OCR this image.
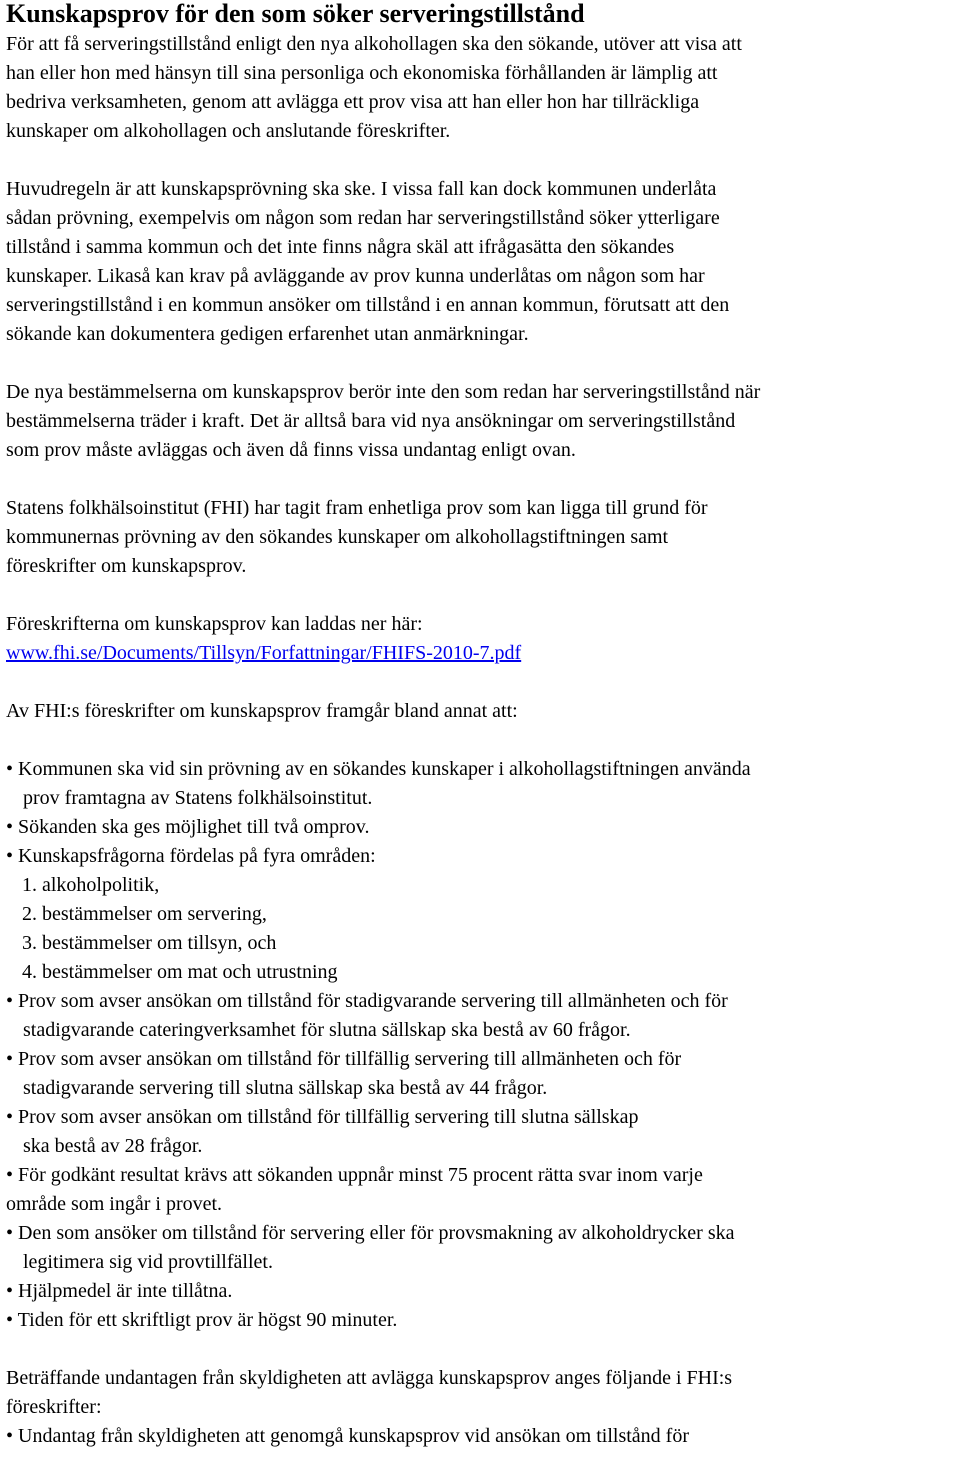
Kunskapsprov för den som söker serveringstillstånd

För att få serveringstillstånd enligt den nya alkohollagen ska den sökande, utöver att visa att

han eller hon med hänsyn till sina personliga och ekonomiska förhållanden är lämplig att

bedriva verksamheten, genom att avlägga ett prov visa att han eller hon har tillräckliga

kunskaper om alkohollagen och anslutande föreskrifter.

Huvudregeln är att kunskapsprövning ska ske. I vissa fall kan dock kommunen underlåta

sådan prövning, exempelvis om någon som redan har serveringstillstånd söker ytterligare

tillstånd i samma kommun och det inte finns några skäl att ifrågasätta den sökandes

kunskaper. Likaså kan krav på avläggande av prov kunna underlåtas om någon som har

serveringstillstånd i en kommun ansöker om tillstånd i en annan kommun, förutsatt att den

sökande kan dokumentera gedigen erfarenhet utan anmärkningar.

De nya bestämmelserna om kunskapsprov berör inte den som redan har serveringstillstånd när

bestämmelserna träder i kraft. Det är alltså bara vid nya ansökningar om serveringstillstånd

som prov måste avläggas och även då finns vissa undantag enligt ovan.

Statens folkhälsoinstitut (FHI) har tagit fram enhetliga prov som kan ligga till grund för

kommunernas prövning av den sökandes kunskaper om alkohollagstiftningen samt

föreskrifter om kunskapsprov.

Föreskrifterna om kunskapsprov kan laddas ner här:

www.fhi.se/Documents/Tillsyn/Forfattningar/FHIFS-2010-7.pdf

Av FHI:s föreskrifter om kunskapsprov framgår bland annat att:

• Kommunen ska vid sin prövning av en sökandes kunskaper i alkohollagstiftningen använda

prov framtagna av Statens folkhälsoinstitut.

• Sökanden ska ges möjlighet till två omprov.

• Kunskapsfrågorna fördelas på fyra områden:

1. alkoholpolitik,

2. bestämmelser om servering,

3. bestämmelser om tillsyn, och

4. bestämmelser om mat och utrustning

• Prov som avser ansökan om tillstånd för stadigvarande servering till allmänheten och för

stadigvarande cateringverksamhet för slutna sällskap ska bestå av 60 frågor.

• Prov som avser ansökan om tillstånd för tillfällig servering till allmänheten och för

stadigvarande servering till slutna sällskap ska bestå av 44 frågor.

• Prov som avser ansökan om tillstånd för tillfällig servering till slutna sällskap

ska bestå av 28 frågor.

• För godkänt resultat krävs att sökanden uppnår minst 75 procent rätta svar inom varje

område som ingår i provet.

• Den som ansöker om tillstånd för servering eller för provsmakning av alkoholdrycker ska

legitimera sig vid provtillfället.

• Hjälpmedel är inte tillåtna.

• Tiden för ett skriftligt prov är högst 90 minuter.

Beträffande undantagen från skyldigheten att avlägga kunskapsprov anges följande i FHI:s

föreskrifter:

• Undantag från skyldigheten att genomgå kunskapsprov vid ansökan om tillstånd för
